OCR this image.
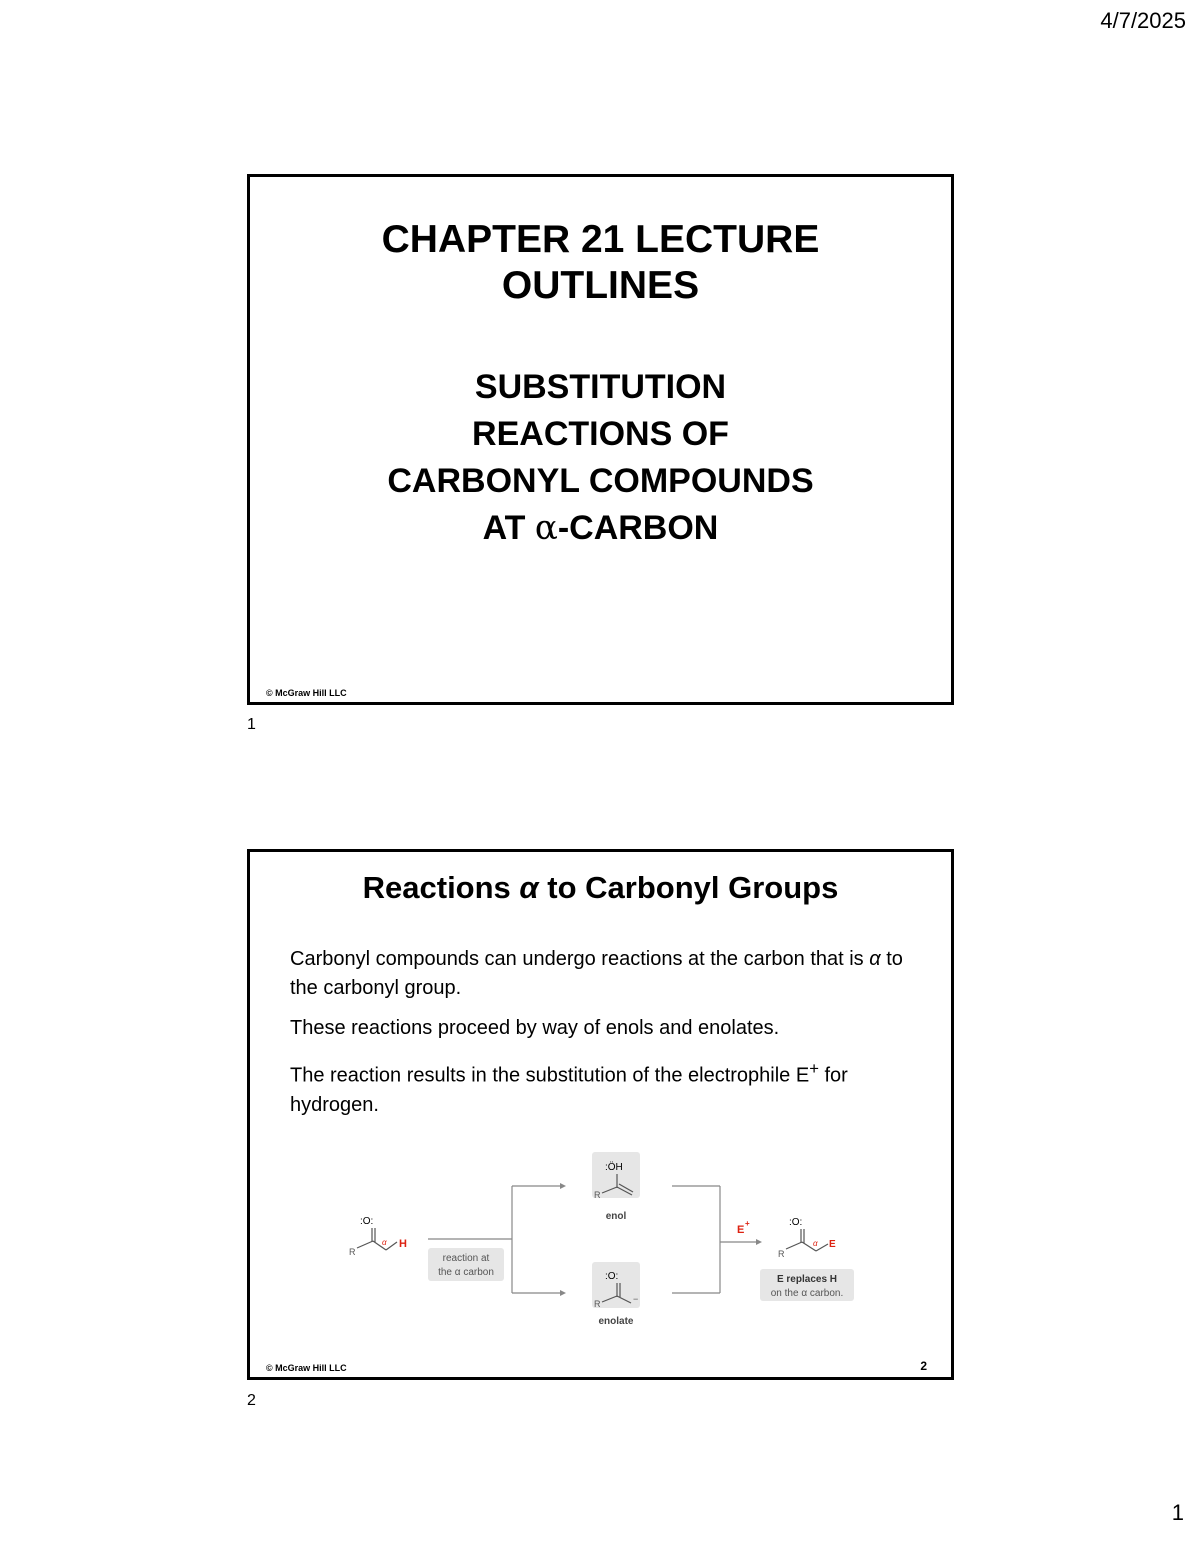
4/7/2025
CHAPTER 21 LECTURE
OUTLINES
SUBSTITUTION
REACTIONS OF
CARBONYL COMPOUNDS
AT α-CARBON
© McGraw Hill LLC
1
Reactions α to Carbonyl Groups

Carbonyl compounds can undergo reactions at the carbon that is α to the carbonyl group.

These reactions proceed by way of enols and enolates.

The reaction results in the substitution of the electrophile E+ for hydrogen.

:O:
R
α H
reaction at
the α carbon
:ÖH
R
enol
:O:
R	−
enolate
E
+	:O:
R
α E
E replaces H
on the α carbon.
© McGraw Hill LLC	2
2
1
